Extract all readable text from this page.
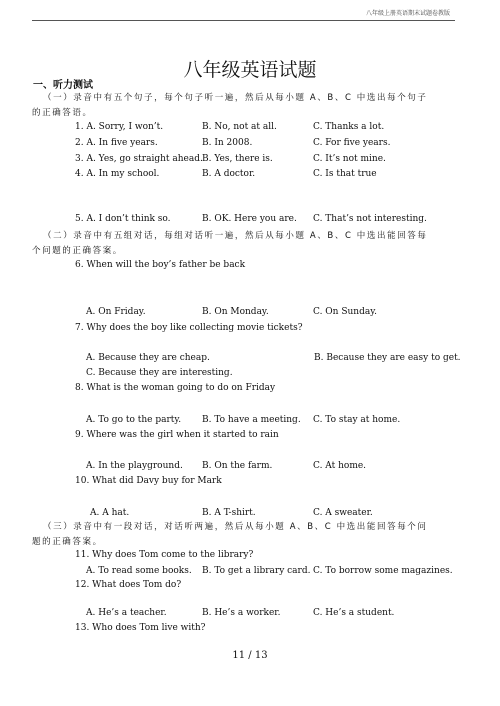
八年级上册英语期末试题卷教版
八年级英语试题
一、听力测试
（一）录音中有五个句子，每个句子听一遍，然后从每小题 A、B、C 中选出每个句子
的正确答语。
1. A. Sorry, I won’t.	B. No, not at all.	C. Thanks a lot.
2. A. In five years.	B. In 2008.	C. For five years.
3. A. Yes, go straight ahead. B. Yes, there is.	C. It’s not mine.
4. A. In my school.	B. A doctor.	C. Is that true
5. A. I don’t think so.	B. OK. Here you are. C. That’s not interesting.
（二）录音中有五组对话，每组对话听一遍，然后从每小题 A、B、C 中选出能回答每
个问题的正确答案。
6. When will the boy’s father be back
A. On Friday.	B. On Monday.	C. On Sunday.
7. Why does the boy like collecting movie tickets?
A. Because they are cheap.	B. Because they are easy to get.
C. Because they are interesting.
8. What is the woman going to do on Friday
A. To go to the party. B. To have a meeting. C. To stay at home.
9. Where was the girl when it started to rain
A. In the playground. B. On the farm.	C. At home.
10. What did Davy buy for Mark
A. A hat.	B. A T-shirt.	C. A sweater.
（三）录音中有一段对话，对话听两遍，然后从每小题 A、B、C 中选出能回答每个问
题的正确答案。
11. Why does Tom come to the library?
A. To read some books. B. To get a library card. C. To borrow some magazines.
12. What does Tom do?
A. He’s a teacher.	B. He’s a worker.	C. He’s a student.
13. Who does Tom live with?
11 / 13
